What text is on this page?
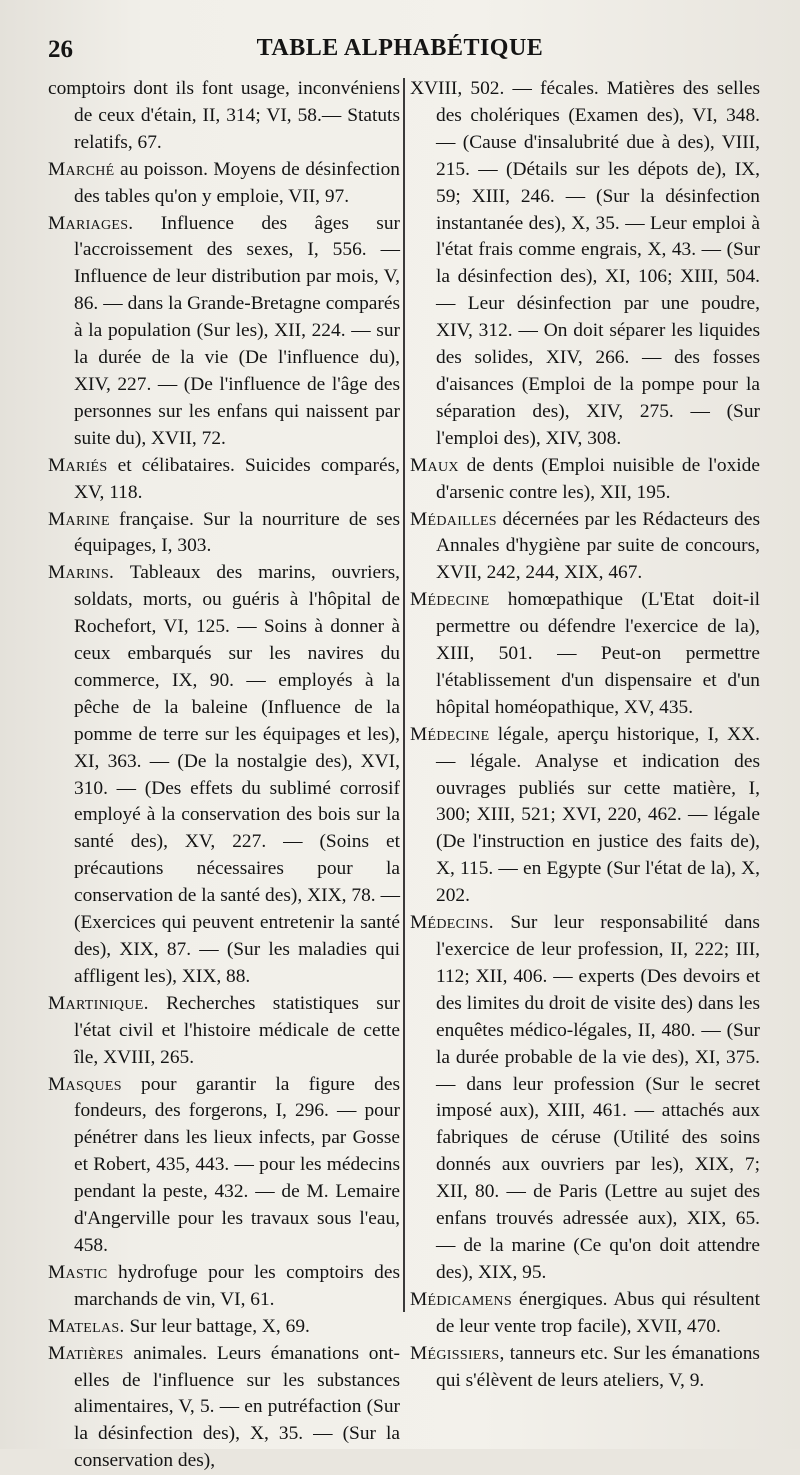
26	TABLE ALPHABÉTIQUE

comptoirs dont ils font usage, inconvéniens de ceux d'étain, II, 314; VI, 58.— Statuts relatifs, 67.

Marché au poisson. Moyens de désinfection des tables qu'on y emploie, VII, 97.

Mariages. Influence des âges sur l'accroissement des sexes, I, 556. — Influence de leur distribution par mois, V, 86. — dans la Grande-Bretagne comparés à la population (Sur les), XII, 224. — sur la durée de la vie (De l'influence du), XIV, 227. — (De l'influence de l'âge des personnes sur les enfans qui naissent par suite du), XVII, 72.

Mariés et célibataires. Suicides comparés, XV, 118.

Marine française. Sur la nourriture de ses équipages, I, 303.

Marins. Tableaux des marins, ouvriers, soldats, morts, ou guéris à l'hôpital de Rochefort, VI, 125. — Soins à donner à ceux embarqués sur les navires du commerce, IX, 90. — employés à la pêche de la baleine (Influence de la pomme de terre sur les équipages et les), XI, 363. — (De la nostalgie des), XVI, 310. — (Des effets du sublimé corrosif employé à la conservation des bois sur la santé des), XV, 227. — (Soins et précautions nécessaires pour la conservation de la santé des), XIX, 78. — (Exercices qui peuvent entretenir la santé des), XIX, 87. — (Sur les maladies qui affligent les), XIX, 88.

Martinique. Recherches statistiques sur l'état civil et l'histoire médicale de cette île, XVIII, 265.

Masques pour garantir la figure des fondeurs, des forgerons, I, 296. — pour pénétrer dans les lieux infects, par Gosse et Robert, 435, 443. — pour les médecins pendant la peste, 432. — de M. Lemaire d'Angerville pour les travaux sous l'eau, 458.

Mastic hydrofuge pour les comptoirs des marchands de vin, VI, 61.

Matelas. Sur leur battage, X, 69.

Matières animales. Leurs émanations ont-elles de l'influence sur les substances alimentaires, V, 5. — en putréfaction (Sur la désinfection des), X, 35. — (Sur la conservation des),

XVIII, 502. — fécales. Matières des selles des cholériques (Examen des), VI, 348. — (Cause d'insalubrité due à des), VIII, 215. — (Détails sur les dépots de), IX, 59; XIII, 246. — (Sur la désinfection instantanée des), X, 35. — Leur emploi à l'état frais comme engrais, X, 43. — (Sur la désinfection des), XI, 106; XIII, 504. — Leur désinfection par une poudre, XIV, 312. — On doit séparer les liquides des solides, XIV, 266. — des fosses d'aisances (Emploi de la pompe pour la séparation des), XIV, 275. — (Sur l'emploi des), XIV, 308.

Maux de dents (Emploi nuisible de l'oxide d'arsenic contre les), XII, 195.

Médailles décernées par les Rédacteurs des Annales d'hygiène par suite de concours, XVII, 242, 244, XIX, 467.

Médecine homœpathique (L'Etat doit-il permettre ou défendre l'exercice de la), XIII, 501. — Peut-on permettre l'établissement d'un dispensaire et d'un hôpital homéopathique, XV, 435.

Médecine légale, aperçu historique, I, XX. — légale. Analyse et indication des ouvrages publiés sur cette matière, I, 300; XIII, 521; XVI, 220, 462. — légale (De l'instruction en justice des faits de), X, 115. — en Egypte (Sur l'état de la), X, 202.

Médecins. Sur leur responsabilité dans l'exercice de leur profession, II, 222; III, 112; XII, 406. — experts (Des devoirs et des limites du droit de visite des) dans les enquêtes médico-légales, II, 480. — (Sur la durée probable de la vie des), XI, 375. — dans leur profession (Sur le secret imposé aux), XIII, 461. — attachés aux fabriques de céruse (Utilité des soins donnés aux ouvriers par les), XIX, 7; XII, 80. — de Paris (Lettre au sujet des enfans trouvés adressée aux), XIX, 65. — de la marine (Ce qu'on doit attendre des), XIX, 95.

Médicamens énergiques. Abus qui résultent de leur vente trop facile), XVII, 470.

Mégissiers, tanneurs etc. Sur les émanations qui s'élèvent de leurs ateliers, V, 9.
